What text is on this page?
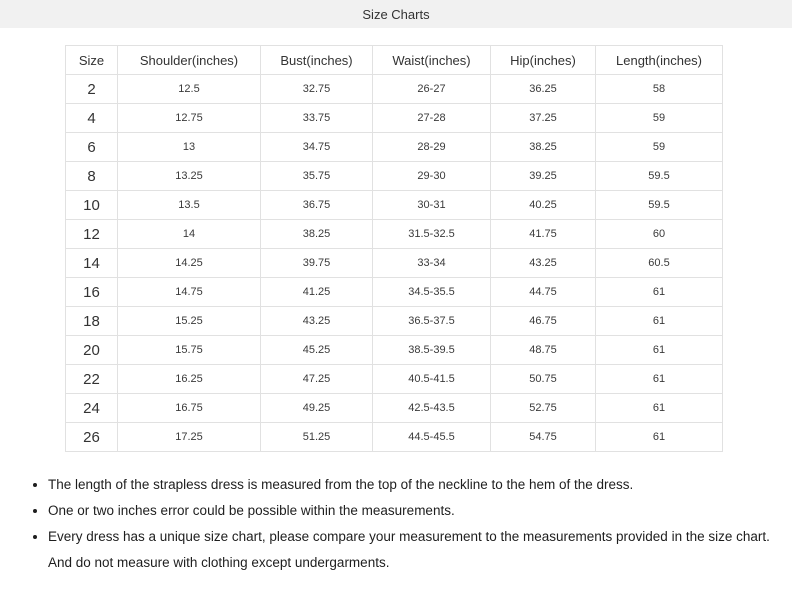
Size Charts
Size	Shoulder(inches)	Bust(inches)	Waist(inches)	Hip(inches)	Length(inches)
2	12.5	32.75	26-27	36.25	58
4	12.75	33.75	27-28	37.25	59
6	13	34.75	28-29	38.25	59
8	13.25	35.75	29-30	39.25	59.5
10	13.5	36.75	30-31	40.25	59.5
12	14	38.25	31.5-32.5	41.75	60
14	14.25	39.75	33-34	43.25	60.5
16	14.75	41.25	34.5-35.5	44.75	61
18	15.25	43.25	36.5-37.5	46.75	61
20	15.75	45.25	38.5-39.5	48.75	61
22	16.25	47.25	40.5-41.5	50.75	61
24	16.75	49.25	42.5-43.5	52.75	61
26	17.25	51.25	44.5-45.5	54.75	61
• The length of the strapless dress is measured from the top of the neckline to the hem of the dress.
• One or two inches error could be possible within the measurements.
• Every dress has a unique size chart, please compare your measurement to the measurements provided in the size chart. And do not measure with clothing except undergarments.
